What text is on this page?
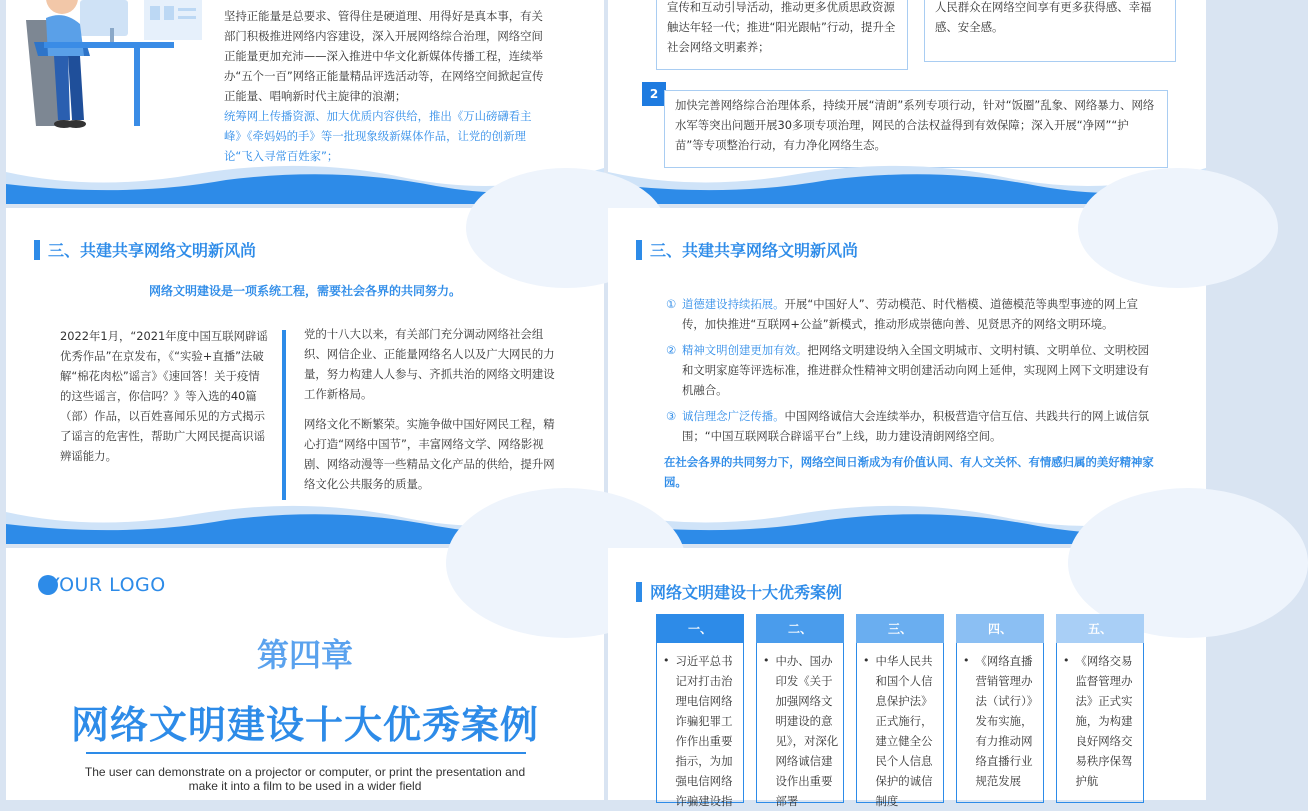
坚持正能量是总要求、管得住是硬道理、用得好是真本事，有关部门积极推进网络内容建设，深入开展网络综合治理，网络空间正能量更加充沛——深入推进中华文化新媒体传播工程，连续举办“五个一百”网络正能量精品评选活动等，在网络空间掀起宣传正能量、唱响新时代主旋律的浪潮；

统筹网上传播资源、加大优质内容供给，推出《万山磅礴看主峰》《牵妈妈的手》等一批现象级新媒体作品，让党的创新理论“飞入寻常百姓家”；

宣传和互动引导活动，推动更多优质思政资源触达年轻一代；推进“阳光跟帖”行动，提升全社会网络文明素养；

人民群众在网络空间享有更多获得感、幸福感、安全感。

2

加快完善网络综合治理体系，持续开展“清朗”系列专项行动，针对“饭圈”乱象、网络暴力、网络水军等突出问题开展30多项专项治理，网民的合法权益得到有效保障；深入开展“净网”“护苗”等专项整治行动，有力净化网络生态。

三、共建共享网络文明新风尚
网络文明建设是一项系统工程，需要社会各界的共同努力。

2022年1月，“2021年度中国互联网辟谣优秀作品”在京发布，《“实验+直播”法破解“棉花肉松”谣言》《速回答！关于疫情的这些谣言，你信吗？》等入选的40篇（部）作品，以百姓喜闻乐见的方式揭示了谣言的危害性，帮助广大网民提高识谣辨谣能力。

党的十八大以来，有关部门充分调动网络社会组织、网信企业、正能量网络名人以及广大网民的力量，努力构建人人参与、齐抓共治的网络文明建设工作新格局。

网络文化不断繁荣。实施争做中国好网民工程，精心打造“网络中国节”，丰富网络文学、网络影视剧、网络动漫等一些精品文化产品的供给，提升网络文化公共服务的质量。

三、共建共享网络文明新风尚
① 道德建设持续拓展。开展“中国好人”、劳动模范、时代楷模、道德模范等典型事迹的网上宣传，加快推进“互联网+公益”新模式，推动形成崇德向善、见贤思齐的网络文明环境。

② 精神文明创建更加有效。把网络文明建设纳入全国文明城市、文明村镇、文明单位、文明校园和文明家庭等评选标准，推进群众性精神文明创建活动向网上延伸，实现网上网下文明建设有机融合。

③ 诚信理念广泛传播。中国网络诚信大会连续举办，积极营造守信互信、共践共行的网上诚信氛围；“中国互联网联合辟谣平台”上线，助力建设清朗网络空间。

在社会各界的共同努力下，网络空间日渐成为有价值认同、有人文关怀、有情感归属的美好精神家园。

YOUR LOGO
第四章
网络文明建设十大优秀案例
The user can demonstrate on a projector or computer, or print the presentation and
make it into a film to be used in a wider field
网络文明建设十大优秀案例
一、
• 习近平总书记对打击治理电信网络诈骗犯罪工作作出重要指示，为加强电信网络诈骗建设指
二、
• 中办、国办印发《关于加强网络文明建设的意见》，对深化网络诚信建设作出重要部署
三、
• 中华人民共和国个人信息保护法》正式施行，建立健全公民个人信息保护的诚信制度
四、
• 《网络直播营销管理办法（试行）》发布实施，有力推动网络直播行业规范发展
五、
• 《网络交易监督管理办法》正式实施，为构建良好网络交易秩序保驾护航
